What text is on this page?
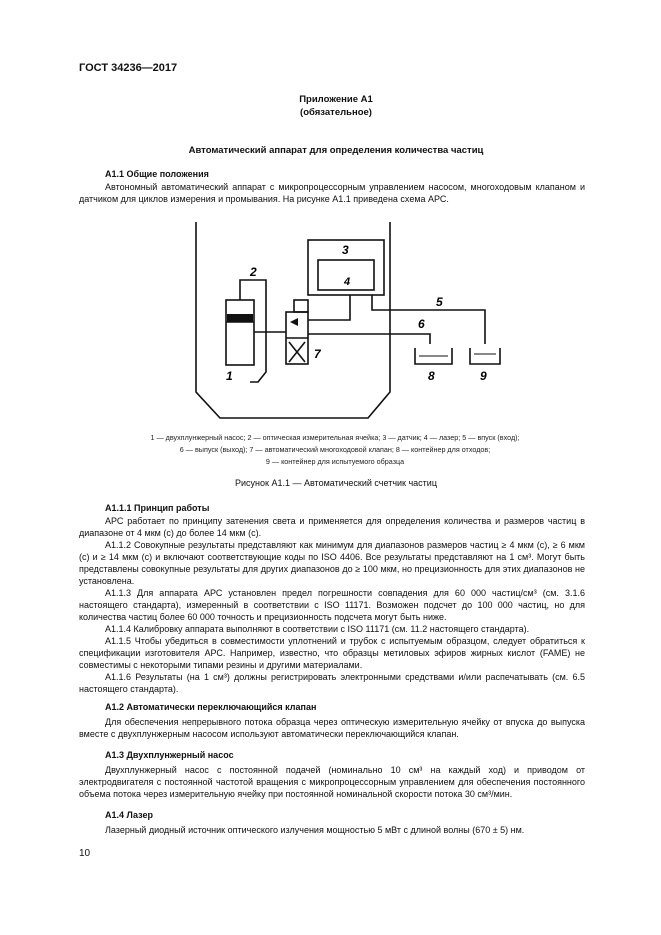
ГОСТ 34236—2017
Приложение А1
(обязательное)
Автоматический аппарат для определения количества частиц
А1.1 Общие положения

Автономный автоматический аппарат с микропроцессорным управлением насосом, многоходовым клапаном и датчиком для циклов измерения и промывания. На рисунке А1.1 приведена схема АРС.

3
4
2
1
5
6
7
8	9
1 — двухплунжерный насос; 2 — оптическая измерительная ячейка; 3 — датчик; 4 — лазер; 5 — впуск (вход);
6 — выпуск (выход); 7 — автоматический многоходовой клапан; 8 — контейнер для отходов;
9 — контейнер для испытуемого образца
Рисунок А1.1 — Автоматический счетчик частиц
А1.1.1 Принцип работы

АРС работает по принципу затенения света и применяется для определения количества и размеров частиц в диапазоне от 4 мкм (с) до более 14 мкм (с).

А1.1.2 Совокупные результаты представляют как минимум для диапазонов размеров частиц ≥ 4 мкм (с), ≥ 6 мкм (с) и ≥ 14 мкм (с) и включают соответствующие коды по ISO 4406. Все результаты представляют на 1 см³. Могут быть представлены совокупные результаты для других диапазонов до ≥ 100 мкм, но прецизионность для этих диапазонов не установлена.

А1.1.3 Для аппарата АРС установлен предел погрешности совпадения для 60 000 частиц/см³ (см. 3.1.6 настоящего стандарта), измеренный в соответствии с ISO 11171. Возможен подсчет до 100 000 частиц, но для количества частиц более 60 000 точность и прецизионность подсчета могут быть ниже.

А1.1.4 Калибровку аппарата выполняют в соответствии с ISO 11171 (см. 11.2 настоящего стандарта).

А1.1.5 Чтобы убедиться в совместимости уплотнений и трубок с испытуемым образцом, следует обратиться к спецификации изготовителя АРС. Например, известно, что образцы метиловых эфиров жирных кислот (FAME) не совместимы с некоторыми типами резины и другими материалами.

А1.1.6 Результаты (на 1 см³) должны регистрировать электронными средствами и/или распечатывать (см. 6.5 настоящего стандарта).

А1.2 Автоматически переключающийся клапан

Для обеспечения непрерывного потока образца через оптическую измерительную ячейку от впуска до выпуска вместе с двухплунжерным насосом используют автоматически переключающийся клапан.

А1.3 Двухплунжерный насос

Двухплунжерный насос с постоянной подачей (номинально 10 см³ на каждый ход) и приводом от электродвигателя с постоянной частотой вращения с микропроцессорным управлением для обеспечения постоянного объема потока через измерительную ячейку при постоянной номинальной скорости потока 30 см³/мин.

А1.4 Лазер

Лазерный диодный источник оптического излучения мощностью 5 мВт с длиной волны (670 ± 5) нм.

10
